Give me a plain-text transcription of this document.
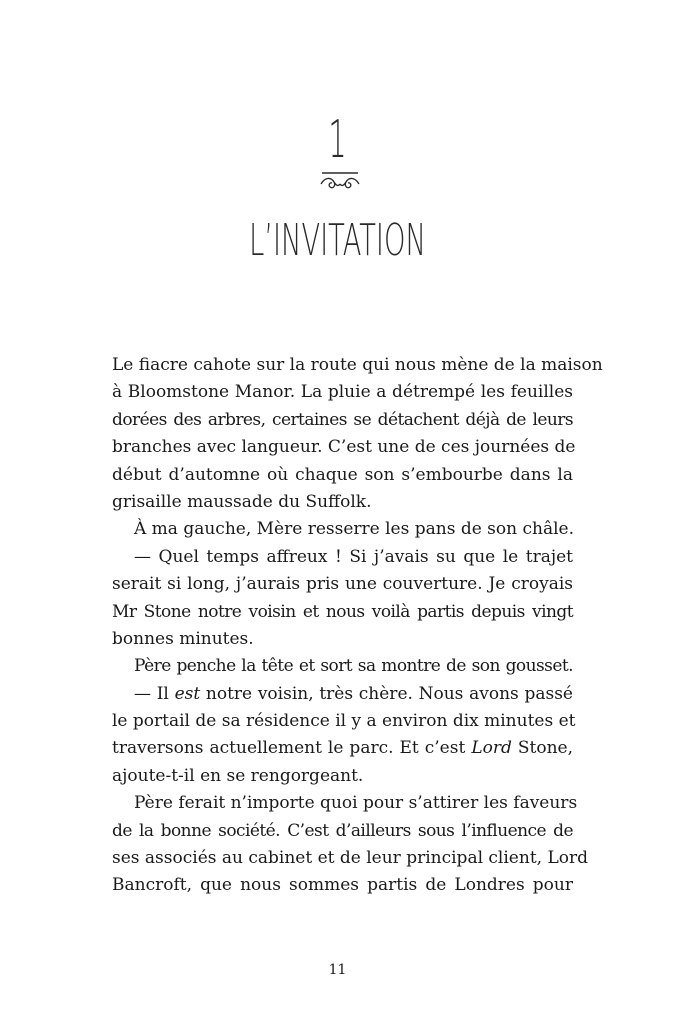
1
L’INVITATION
Le fiacre cahote sur la route qui nous mène de la maison
à Bloomstone Manor. La pluie a détrempé les feuilles
dorées des arbres, certaines se détachent déjà de leurs
branches avec langueur. C’est une de ces journées de
début d’automne où chaque son s’embourbe dans la
grisaille maussade du Suffolk.
À ma gauche, Mère resserre les pans de son châle.
— Quel temps affreux ! Si j’avais su que le trajet
serait si long, j’aurais pris une couverture. Je croyais
Mr Stone notre voisin et nous voilà partis depuis vingt
bonnes minutes.
Père penche la tête et sort sa montre de son gousset.
— Il est notre voisin, très chère. Nous avons passé
le portail de sa résidence il y a environ dix minutes et
traversons actuellement le parc. Et c’est Lord Stone,
ajoute-t-il en se rengorgeant.
Père ferait n’importe quoi pour s’attirer les faveurs
de la bonne société. C’est d’ailleurs sous l’influence de
ses associés au cabinet et de leur principal client, Lord
Bancroft, que nous sommes partis de Londres pour
11
